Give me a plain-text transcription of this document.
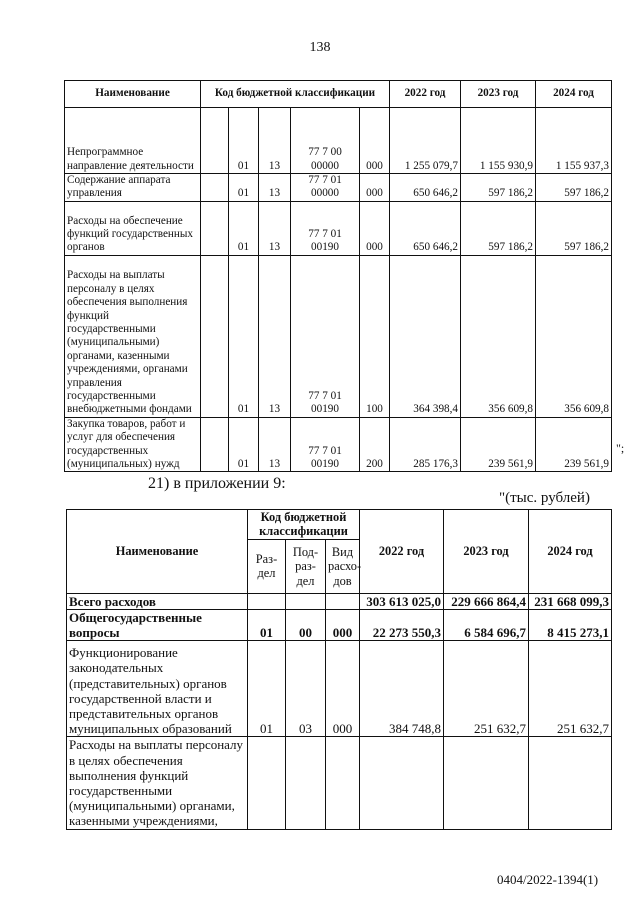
138
Наименование	Код бюджетной классификации					2022 год	2023 год	2024 год
Непрограммное направление деятельности		01	13	77 7 00 00000	000	1 255 079,7	1 155 930,9	1 155 937,3
Содержание аппарата управления		01	13	77 7 01 00000	000	650 646,2	597 186,2	597 186,2
Расходы на обеспечение функций государственных органов		01	13	77 7 01 00190	000	650 646,2	597 186,2	597 186,2
Расходы на выплаты персоналу в целях обеспечения выполнения функций государственными (муниципальными) органами, казенными учреждениями, органами управления государственными внебюджетными фондами		01	13	77 7 01 00190	100	364 398,4	356 609,8	356 609,8
Закупка товаров, работ и услуг для обеспечения государственных (муниципальных) нужд		01	13	77 7 01 00190	200	285 176,3	239 561,9	239 561,9
";
21) в приложении 9:
"(тыс. рублей)
Наименование	Код бюджетной классификации			2022 год	2023 год	2024 год
	Раз-дел	Под-раз-дел	Вид расхо-дов			
Всего расходов				303 613 025,0	229 666 864,4	231 668 099,3
Общегосударственные вопросы	01	00	000	22 273 550,3	6 584 696,7	8 415 273,1
Функционирование законодательных (представительных) органов государственной власти и представительных органов муниципальных образований	01	03	000	384 748,8	251 632,7	251 632,7
Расходы на выплаты персоналу в целях обеспечения выполнения функций государственными (муниципальными) органами, казенными учреждениями,						
0404/2022-1394(1)
